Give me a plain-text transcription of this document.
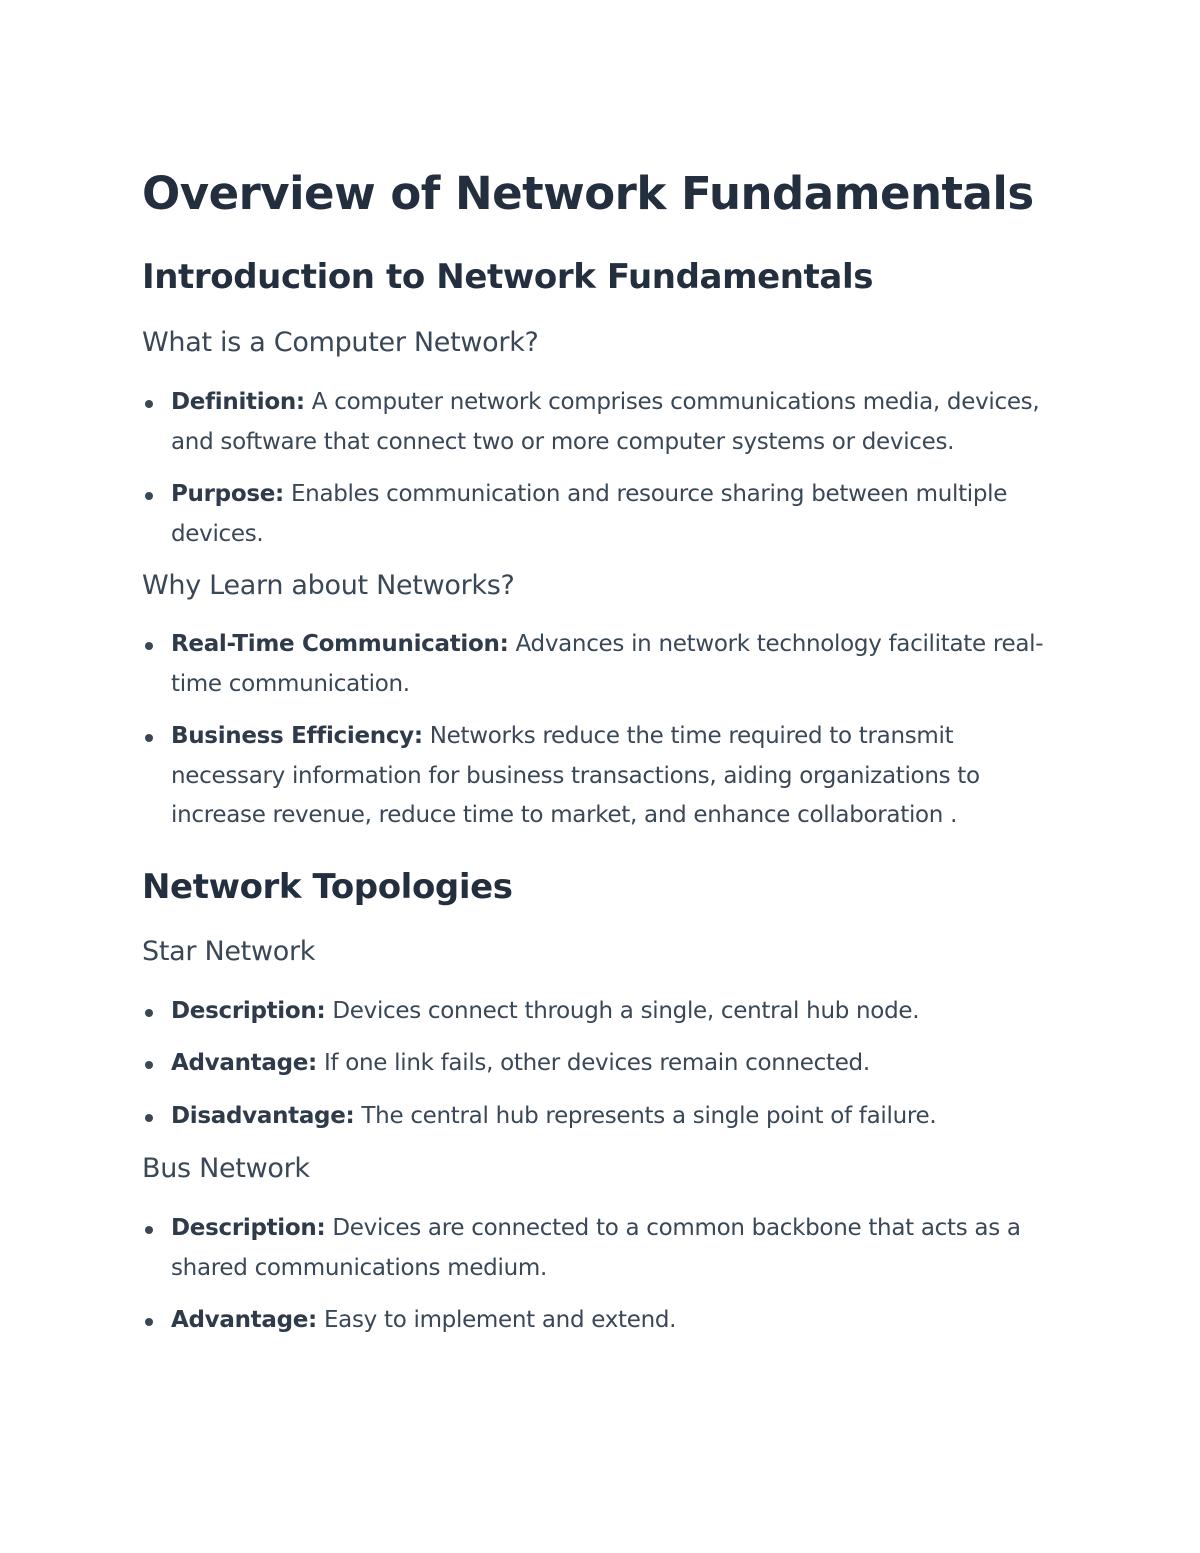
Overview of Network Fundamentals
Introduction to Network Fundamentals
What is a Computer Network?
Definition: A computer network comprises communications media, devices, and software that connect two or more computer systems or devices.
Purpose: Enables communication and resource sharing between multiple devices.
Why Learn about Networks?
Real-Time Communication: Advances in network technology facilitate real-time communication.
Business Efficiency: Networks reduce the time required to transmit necessary information for business transactions, aiding organizations to increase revenue, reduce time to market, and enhance collaboration .
Network Topologies
Star Network
Description: Devices connect through a single, central hub node.
Advantage: If one link fails, other devices remain connected.
Disadvantage: The central hub represents a single point of failure.
Bus Network
Description: Devices are connected to a common backbone that acts as a shared communications medium.
Advantage: Easy to implement and extend.
